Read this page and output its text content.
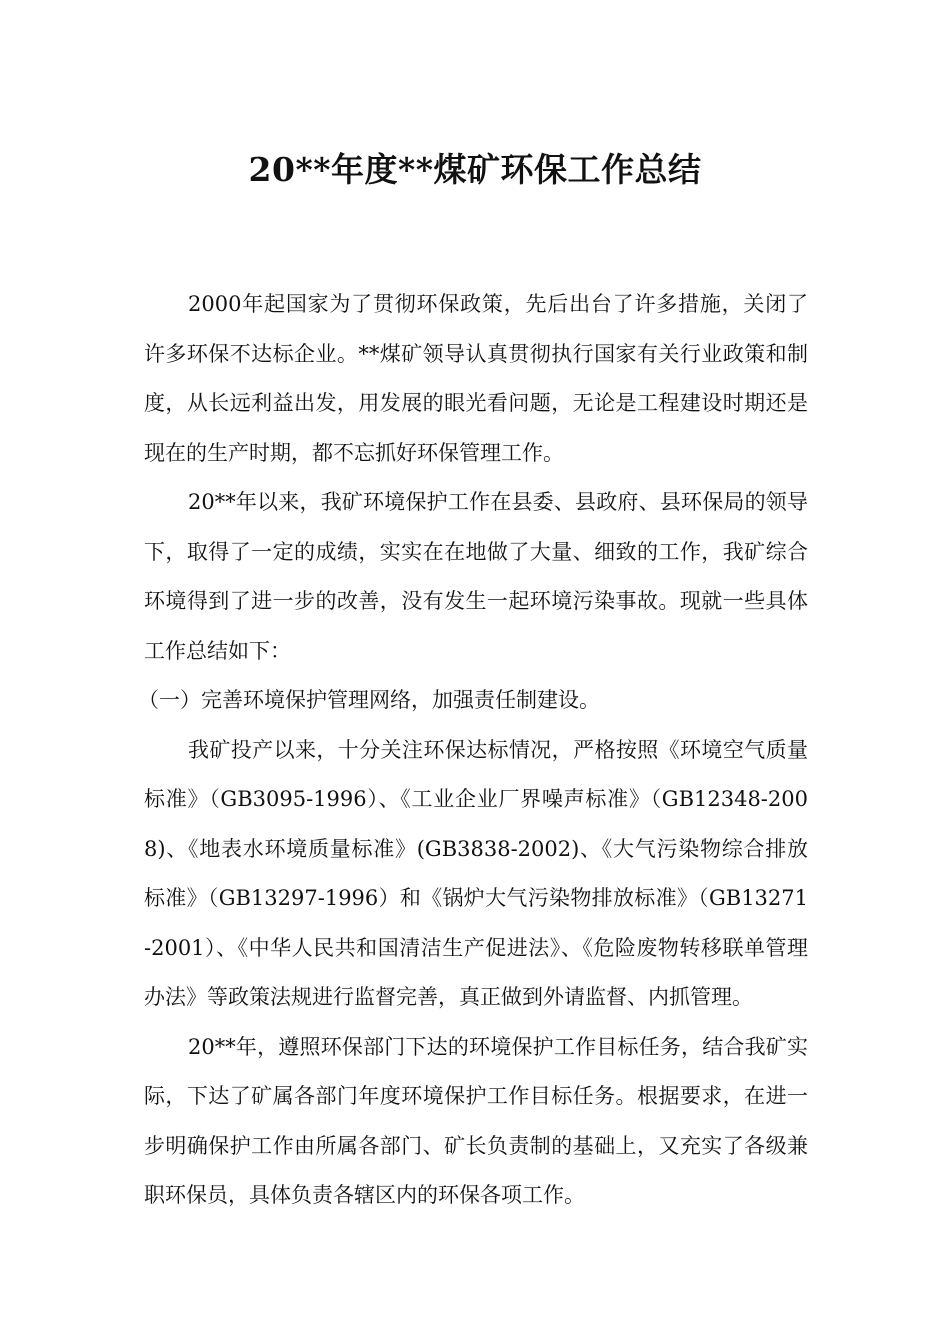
20**年度**煤矿环保工作总结

2000年起国家为了贯彻环保政策，先后出台了许多措施，关闭了许多环保不达标企业。**煤矿领导认真贯彻执行国家有关行业政策和制度，从长远利益出发，用发展的眼光看问题，无论是工程建设时期还是现在的生产时期，都不忘抓好环保管理工作。

20**年以来，我矿环境保护工作在县委、县政府、县环保局的领导下，取得了一定的成绩，实实在在地做了大量、细致的工作，我矿综合环境得到了进一步的改善，没有发生一起环境污染事故。现就一些具体工作总结如下：

（一）完善环境保护管理网络，加强责任制建设。

我矿投产以来，十分关注环保达标情况，严格按照《环境空气质量标准》（GB3095-1996）、《工业企业厂界噪声标准》（GB12348-2008)、《地表水环境质量标准》(GB3838-2002)、《大气污染物综合排放标准》（GB13297-1996）和《锅炉大气污染物排放标准》（GB13271-2001）、《中华人民共和国清洁生产促进法》、《危险废物转移联单管理办法》等政策法规进行监督完善，真正做到外请监督、内抓管理。

20**年，遵照环保部门下达的环境保护工作目标任务，结合我矿实际，下达了矿属各部门年度环境保护工作目标任务。根据要求，在进一步明确保护工作由所属各部门、矿长负责制的基础上，又充实了各级兼职环保员，具体负责各辖区内的环保各项工作。
